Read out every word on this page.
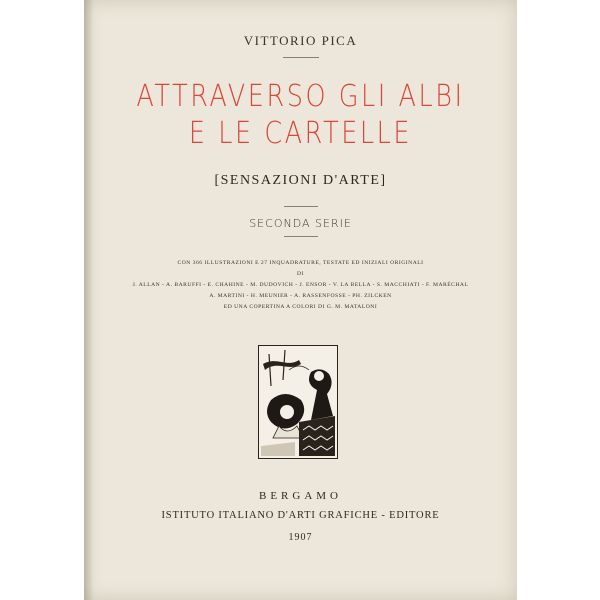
VITTORIO PICA
ATTRAVERSO GLI ALBI
E LE CARTELLE
[SENSAZIONI D'ARTE]
SECONDA SERIE
CON 366 ILLUSTRAZIONI E 27 INQUADRATURE, TESTATE ED INIZIALI ORIGINALI
DI
J. ALLAN - A. BARUFFI - E. CHAHINE - M. DUDOVICH - J. ENSOR - V. LA BELLA - S. MACCHIATI - F. MARÉCHAL
A. MARTINI - H. MEUNIER - A. RASSENFOSSE - PH. ZILCKEN
ED UNA COPERTINA A COLORI DI G. M. MATALONI
BERGAMO
ISTITUTO ITALIANO D'ARTI GRAFICHE - EDITORE
1907
